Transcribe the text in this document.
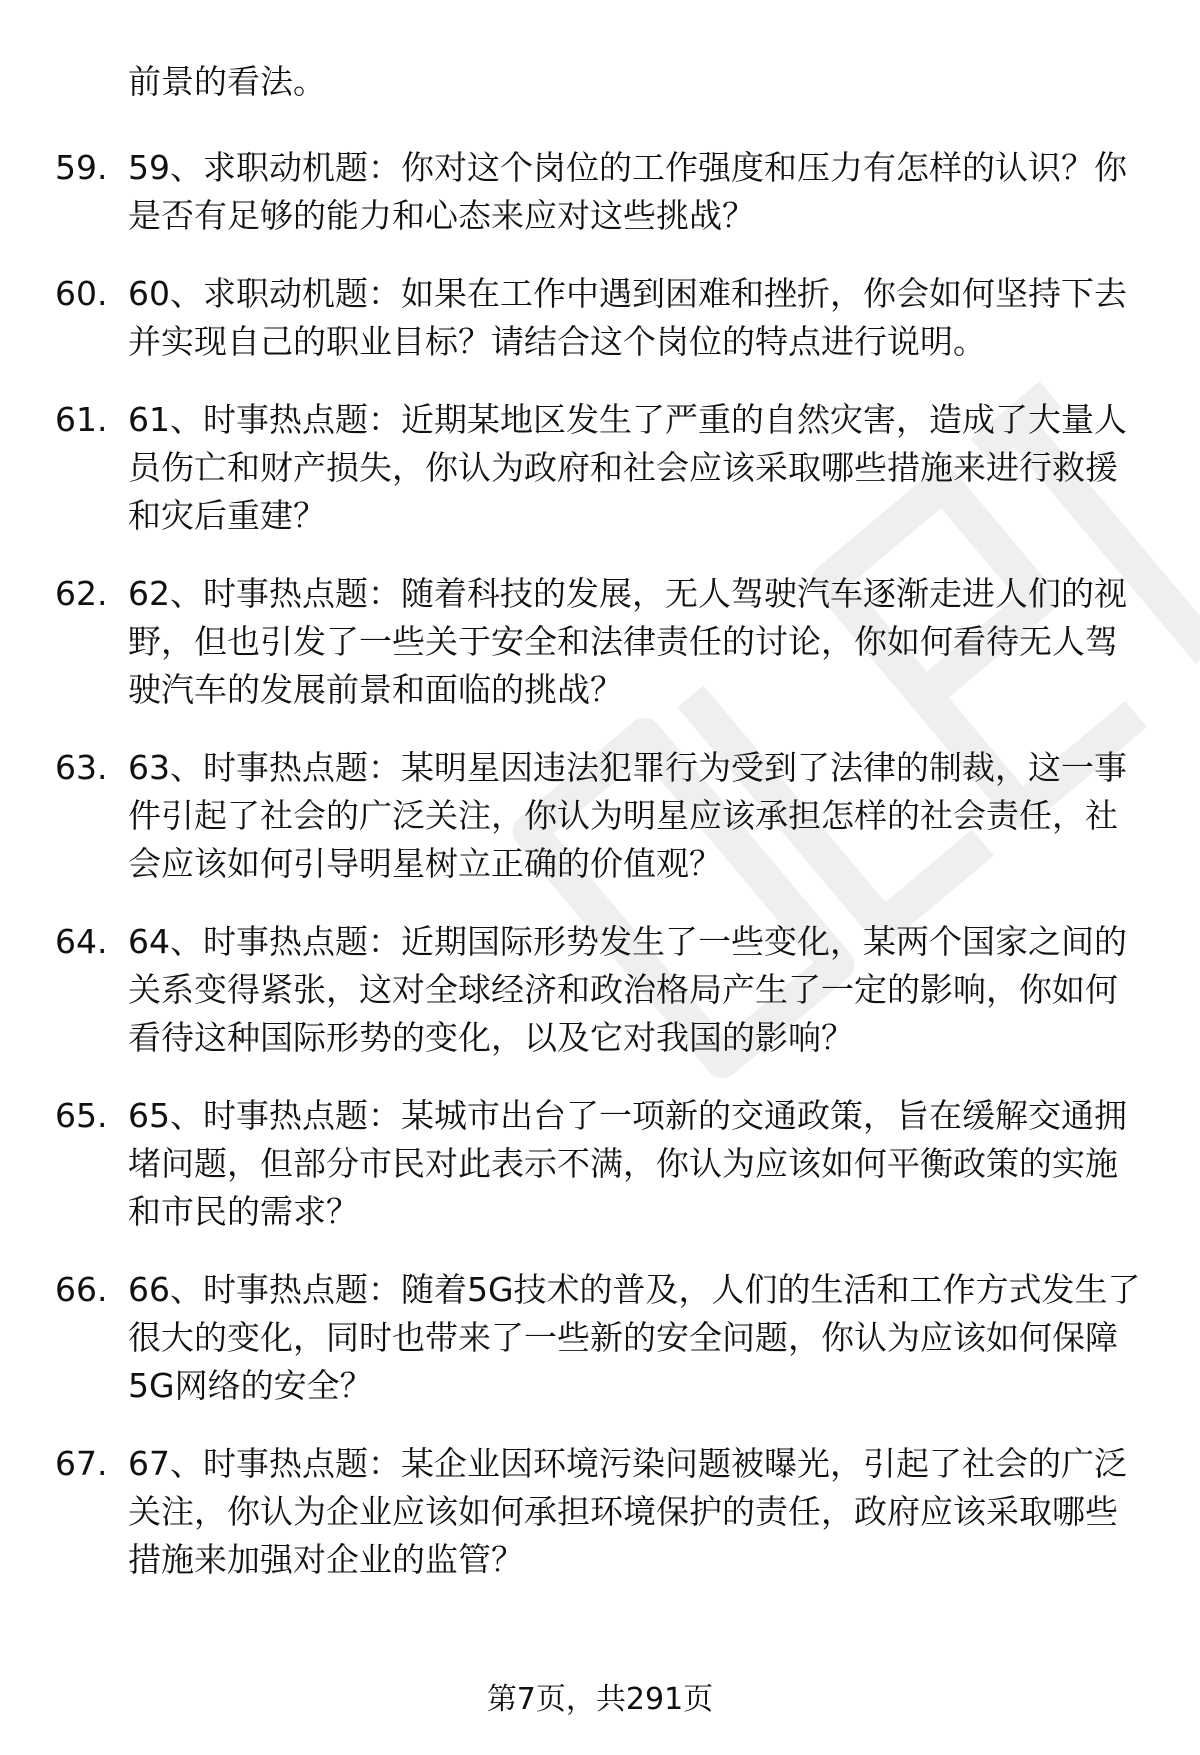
前景的看法。
59. 59、求职动机题：你对这个岗位的工作强度和压力有怎样的认识？你是否有足够的能力和心态来应对这些挑战？
60. 60、求职动机题：如果在工作中遇到困难和挫折，你会如何坚持下去并实现自己的职业目标？请结合这个岗位的特点进行说明。
61. 61、时事热点题：近期某地区发生了严重的自然灾害，造成了大量人员伤亡和财产损失，你认为政府和社会应该采取哪些措施来进行救援和灾后重建？
62. 62、时事热点题：随着科技的发展，无人驾驶汽车逐渐走进人们的视野，但也引发了一些关于安全和法律责任的讨论，你如何看待无人驾驶汽车的发展前景和面临的挑战？
63. 63、时事热点题：某明星因违法犯罪行为受到了法律的制裁，这一事件引起了社会的广泛关注，你认为明星应该承担怎样的社会责任，社会应该如何引导明星树立正确的价值观？
64. 64、时事热点题：近期国际形势发生了一些变化，某两个国家之间的关系变得紧张，这对全球经济和政治格局产生了一定的影响，你如何看待这种国际形势的变化，以及它对我国的影响？
65. 65、时事热点题：某城市出台了一项新的交通政策，旨在缓解交通拥堵问题，但部分市民对此表示不满，你认为应该如何平衡政策的实施和市民的需求？
66. 66、时事热点题：随着5G技术的普及，人们的生活和工作方式发生了很大的变化，同时也带来了一些新的安全问题，你认为应该如何保障5G网络的安全？
67. 67、时事热点题：某企业因环境污染问题被曝光，引起了社会的广泛关注，你认为企业应该如何承担环境保护的责任，政府应该采取哪些措施来加强对企业的监管？
第7页，共291页
